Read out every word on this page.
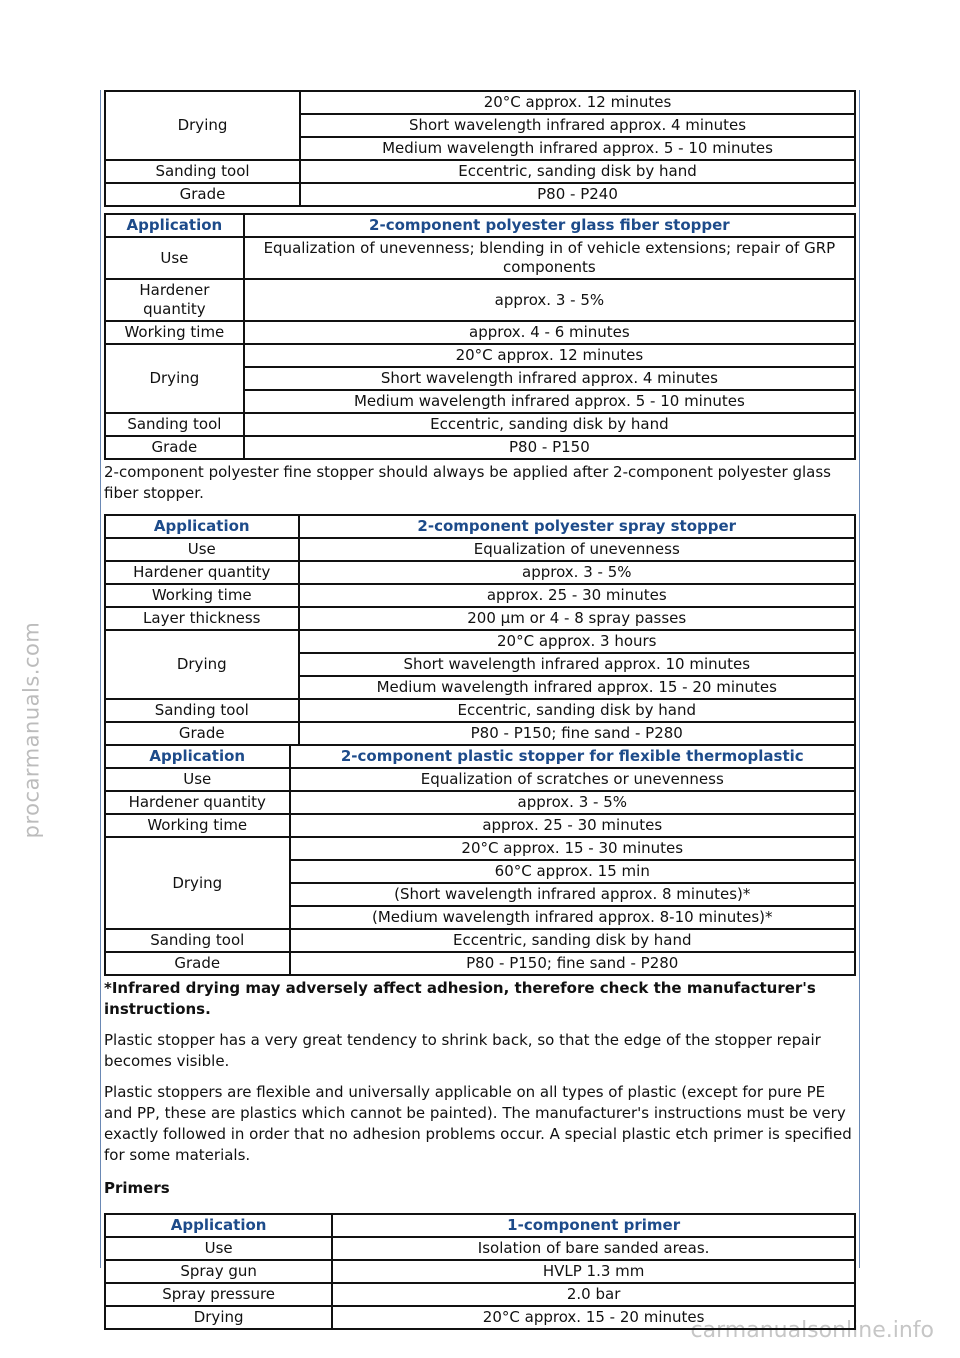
procarmanuals.com
carmanualsonline.info
Drying	20°C approx. 12 minutes
	Short wavelength infrared approx. 4 minutes
	Medium wavelength infrared approx. 5 - 10 minutes
Sanding tool	Eccentric, sanding disk by hand
Grade	P80 - P240
Application	2-component polyester glass fiber stopper
Use	Equalization of unevenness; blending in of vehicle extensions; repair of GRP components
Hardener quantity	approx. 3 - 5%
Working time	approx. 4 - 6 minutes
Drying	20°C approx. 12 minutes
	Short wavelength infrared approx. 4 minutes
	Medium wavelength infrared approx. 5 - 10 minutes
Sanding tool	Eccentric, sanding disk by hand
Grade	P80 - P150

2-component polyester fine stopper should always be applied after 2-component polyester glass fiber stopper.

Application	2-component polyester spray stopper
Use	Equalization of unevenness
Hardener quantity	approx. 3 - 5%
Working time	approx. 25 - 30 minutes
Layer thickness	200 µm or 4 - 8 spray passes
Drying	20°C approx. 3 hours
	Short wavelength infrared approx. 10 minutes
	Medium wavelength infrared approx. 15 - 20 minutes
Sanding tool	Eccentric, sanding disk by hand
Grade	P80 - P150; fine sand - P280
Application	2-component plastic stopper for flexible thermoplastic
Use	Equalization of scratches or unevenness
Hardener quantity	approx. 3 - 5%
Working time	approx. 25 - 30 minutes
Drying	20°C approx. 15 - 30 minutes
	60°C approx. 15 min
	(Short wavelength infrared approx. 8 minutes)*
	(Medium wavelength infrared approx. 8-10 minutes)*
Sanding tool	Eccentric, sanding disk by hand
Grade	P80 - P150; fine sand - P280

*Infrared drying may adversely affect adhesion, therefore check the manufacturer's instructions.

Plastic stopper has a very great tendency to shrink back, so that the edge of the stopper repair becomes visible.

Plastic stoppers are flexible and universally applicable on all types of plastic (except for pure PE and PP, these are plastics which cannot be painted). The manufacturer's instructions must be very exactly followed in order that no adhesion problems occur. A special plastic etch primer is specified for some materials.

Primers

Application	1-component primer
Use	Isolation of bare sanded areas.
Spray gun	HVLP 1.3 mm
Spray pressure	2.0 bar
Drying	20°C approx. 15 - 20 minutes
